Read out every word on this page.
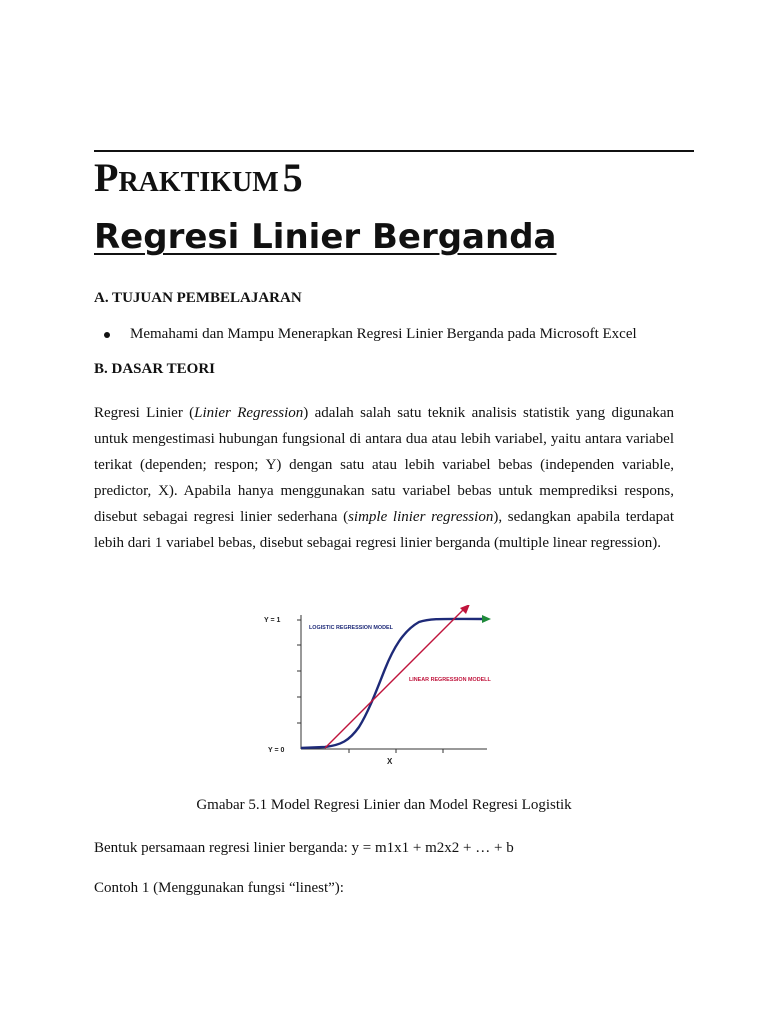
PRAKTIKUM 5
Regresi Linier Berganda
A. TUJUAN PEMBELAJARAN
Memahami dan Mampu Menerapkan Regresi Linier Berganda pada Microsoft Excel
B. DASAR TEORI

Regresi Linier (Linier Regression) adalah salah satu teknik analisis statistik yang digunakan untuk mengestimasi hubungan fungsional di antara dua atau lebih variabel, yaitu antara variabel terikat (dependen; respon; Y) dengan satu atau lebih variabel bebas (independen variable, predictor, X). Apabila hanya menggunakan satu variabel bebas untuk memprediksi respons, disebut sebagai regresi linier sederhana (simple linier regression), sedangkan apabila terdapat lebih dari 1 variabel bebas, disebut sebagai regresi linier berganda (multiple linear regression).

Y = 1
Y = 0
X
LOGISTIC REGRESSION MODEL
LINEAR REGRESSION MODELL
Gmabar 5.1 Model Regresi Linier dan Model Regresi Logistik
Bentuk persamaan regresi linier berganda: y = m1x1 + m2x2 + … + b
Contoh 1 (Menggunakan fungsi “linest”):
